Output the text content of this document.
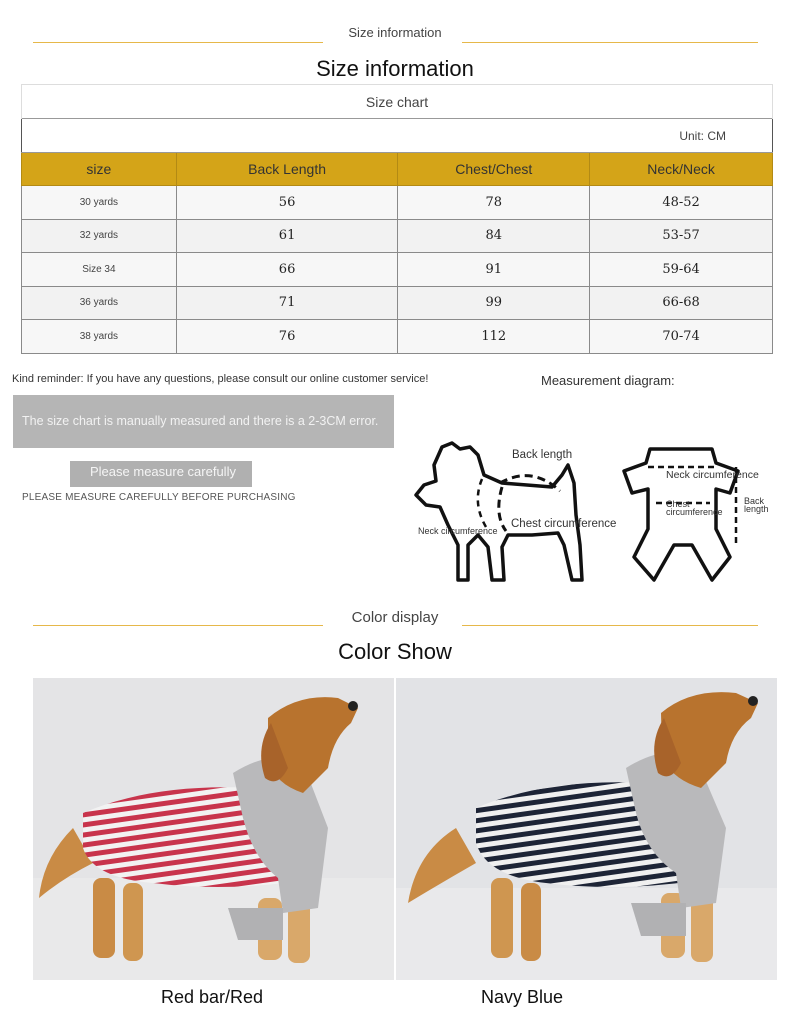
Size information
Size information
Size chart			
Unit: CM			
size	Back Length	Chest/Chest	Neck/Neck
30 yards	56	78	48-52
32 yards	61	84	53-57
Size 34	66	91	59-64
36 yards	71	99	66-68
38 yards	76	112	70-74
Kind reminder: If you have any questions, please consult our online customer service!
The size chart is manually measured and there is a 2-3CM error.
Please measure carefully
PLEASE MEASURE CAREFULLY BEFORE PURCHASING
Measurement diagram:
Back length
Chest circumference
Neck circumference
Neck circumference
Chest circumference
Back length
Color display
Color Show
Red bar/Red	Navy Blue
